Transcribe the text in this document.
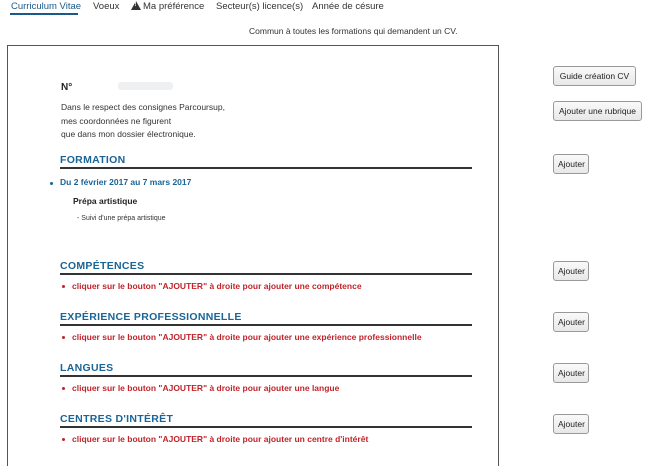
Curriculum Vitae Voeux
!	Ma préférence Secteur(s) licence(s) Année de césure
Commun à toutes les formations qui demandent un CV.
N°
Dans le respect des consignes Parcoursup,
mes coordonnées ne figurent
que dans mon dossier électronique.
FORMATION
Du 2 février 2017 au 7 mars 2017
Prépa artistique
- Suivi d'une prépa artistique
COMPÉTENCES
cliquer sur le bouton "AJOUTER" à droite pour ajouter une compétence
EXPÉRIENCE PROFESSIONNELLE
cliquer sur le bouton "AJOUTER" à droite pour ajouter une expérience professionnelle
LANGUES
cliquer sur le bouton "AJOUTER" à droite pour ajouter une langue
CENTRES D'INTÉRÊT
cliquer sur le bouton "AJOUTER" à droite pour ajouter un centre d'intérêt
Guide création CV
Ajouter une rubrique
Ajouter
Ajouter
Ajouter
Ajouter
Ajouter
